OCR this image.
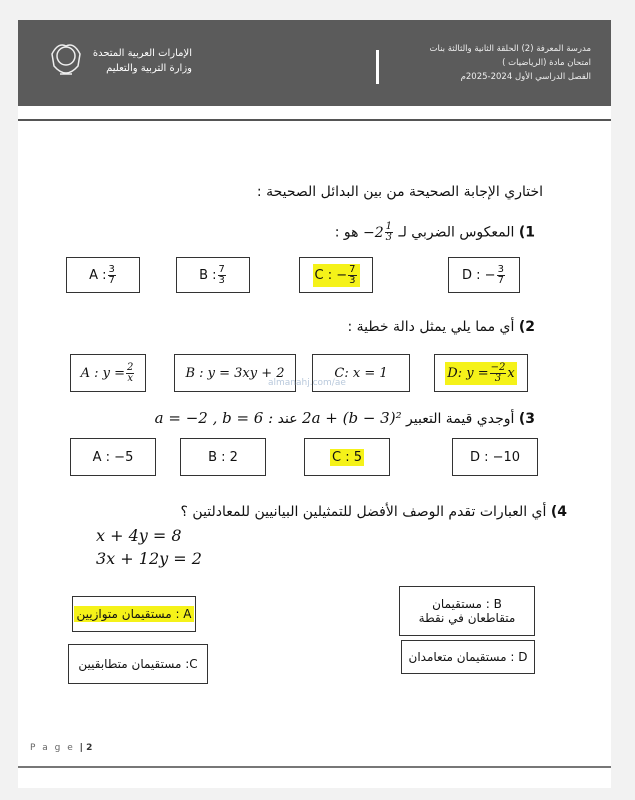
الإمارات العربية المتحدة
وزارة التربية والتعليم
مدرسة المعرفة (2) الحلقة الثانية والثالثة بنات
امتحان مادة (الرياضيات )
الفصل الدراسي الأول 2024-2025م
اختاري الإجابة الصحيحة من بين البدائل الصحيحة :
1) المعكوس الضربي لـ $-2 \frac{1}{3}$
هو :
A : $\frac{3}{7}$	B : $\frac{7}{3}$	C : − $\frac{7}{3}$	D : − $\frac{3}{7}$
2) أي مما يلي يمثل دالة خطية :
A : $y = \frac{2}{x}$	B : y = 3xy + 2	C: x = 1	D: $y = \frac{-2}{3}$ x
3) أوجدي قيمة التعبير 2a + (b − 3)² عند a = −2 , b = 6 :
A : −5	B : 2	C : 5	D : −10
4) أي العبارات تقدم الوصف الأفضل للتمثيلين البيانيين للمعادلتين ؟
x + 4y = 8
3x + 12y = 2
A : مستقيمان متوازيين
B : مستقيمان متقاطعان في نقطة
C: مستقيمان متطابقيين	D : مستقيمان متعامدان
almanahj.com/ae
P a g e | 2
